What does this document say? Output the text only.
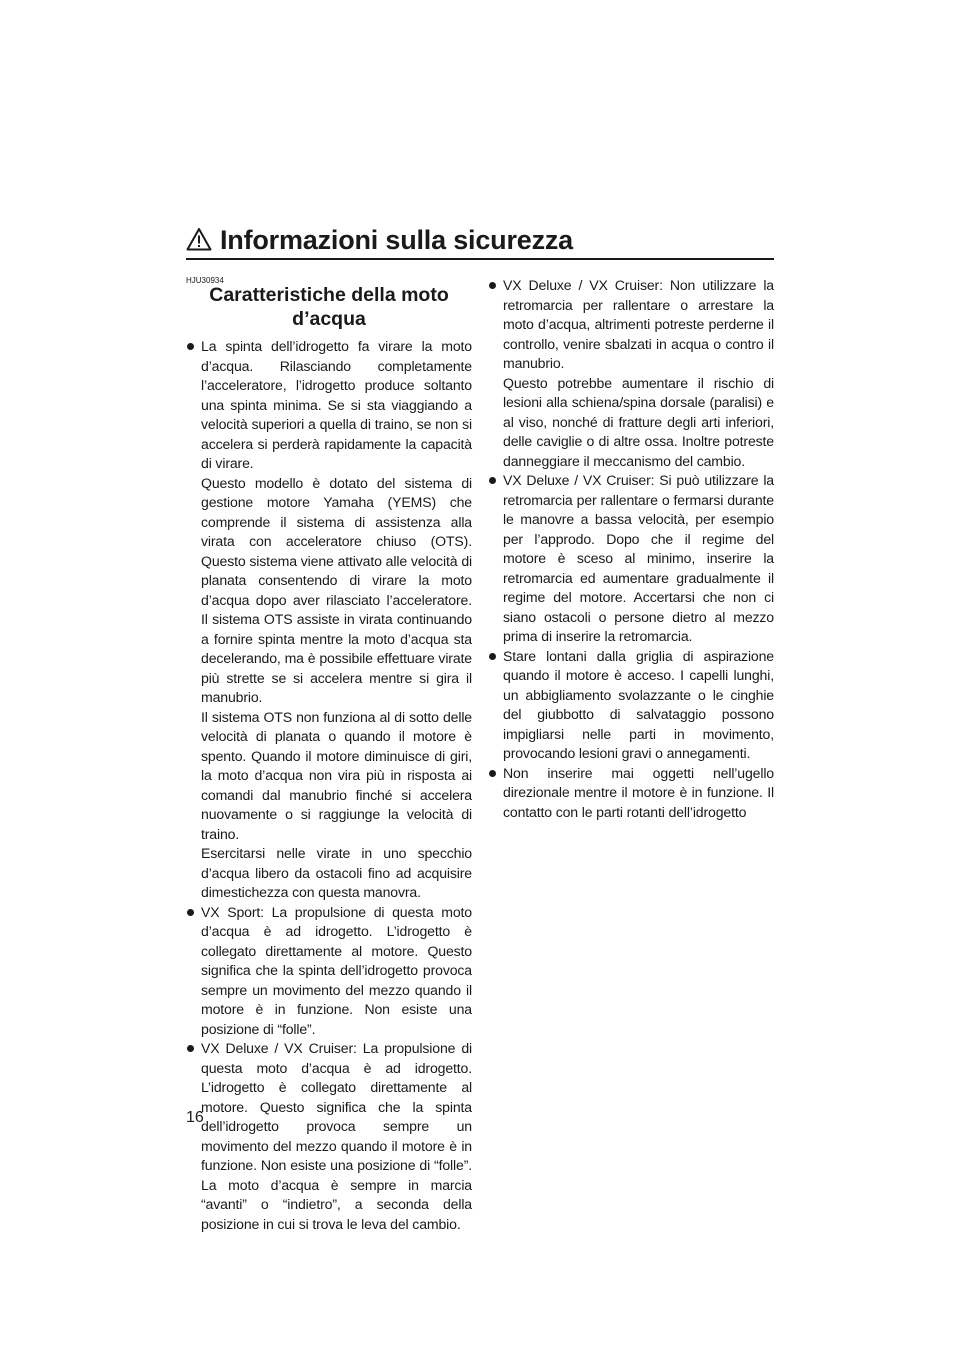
Informazioni sulla sicurezza
HJU30934
Caratteristiche della moto
d’acqua

La spinta dell’idrogetto fa virare la moto d’acqua. Rilasciando completamente l’acceleratore, l’idrogetto produce soltanto una spinta minima. Se si sta viaggiando a velocità superiori a quella di traino, se non si accelera si perderà rapidamente la capacità di virare.

Questo modello è dotato del sistema di gestione motore Yamaha (YEMS) che comprende il sistema di assistenza alla virata con acceleratore chiuso (OTS). Questo sistema viene attivato alle velocità di planata consentendo di virare la moto d’acqua dopo aver rilasciato l’acceleratore. Il sistema OTS assiste in virata continuando a fornire spinta mentre la moto d’acqua sta decelerando, ma è possibile effettuare virate più strette se si accelera mentre si gira il manubrio.

Il sistema OTS non funziona al di sotto delle velocità di planata o quando il motore è spento. Quando il motore diminuisce di giri, la moto d’acqua non vira più in risposta ai comandi dal manubrio finché si accelera nuovamente o si raggiunge la velocità di traino.

Esercitarsi nelle virate in uno specchio d’acqua libero da ostacoli fino ad acquisire dimestichezza con questa manovra.

VX Sport: La propulsione di questa moto d’acqua è ad idrogetto. L’idrogetto è collegato direttamente al motore. Questo significa che la spinta dell’idrogetto provoca sempre un movimento del mezzo quando il motore è in funzione. Non esiste una posizione di “folle”.

VX Deluxe / VX Cruiser: La propulsione di questa moto d’acqua è ad idrogetto. L’idrogetto è collegato direttamente al motore. Questo significa che la spinta dell’idrogetto provoca sempre un movimento del mezzo quando il motore è in funzione. Non esiste una posizione di “folle”. La moto d’acqua è sempre in marcia “avanti” o “indietro”, a seconda della posizione in cui si trova le leva del cambio.

VX Deluxe / VX Cruiser: Non utilizzare la retromarcia per rallentare o arrestare la moto d’acqua, altrimenti potreste perderne il controllo, venire sbalzati in acqua o contro il manubrio.

Questo potrebbe aumentare il rischio di lesioni alla schiena/spina dorsale (paralisi) e al viso, nonché di fratture degli arti inferiori, delle caviglie o di altre ossa. Inoltre potreste danneggiare il meccanismo del cambio.

VX Deluxe / VX Cruiser: Si può utilizzare la retromarcia per rallentare o fermarsi durante le manovre a bassa velocità, per esempio per l’approdo. Dopo che il regime del motore è sceso al minimo, inserire la retromarcia ed aumentare gradualmente il regime del motore. Accertarsi che non ci siano ostacoli o persone dietro al mezzo prima di inserire la retromarcia.

Stare lontani dalla griglia di aspirazione quando il motore è acceso. I capelli lunghi, un abbigliamento svolazzante o le cinghie del giubbotto di salvataggio possono impigliarsi nelle parti in movimento, provocando lesioni gravi o annegamenti.

Non inserire mai oggetti nell’ugello direzionale mentre il motore è in funzione. Il contatto con le parti rotanti dell’idrogetto

16
